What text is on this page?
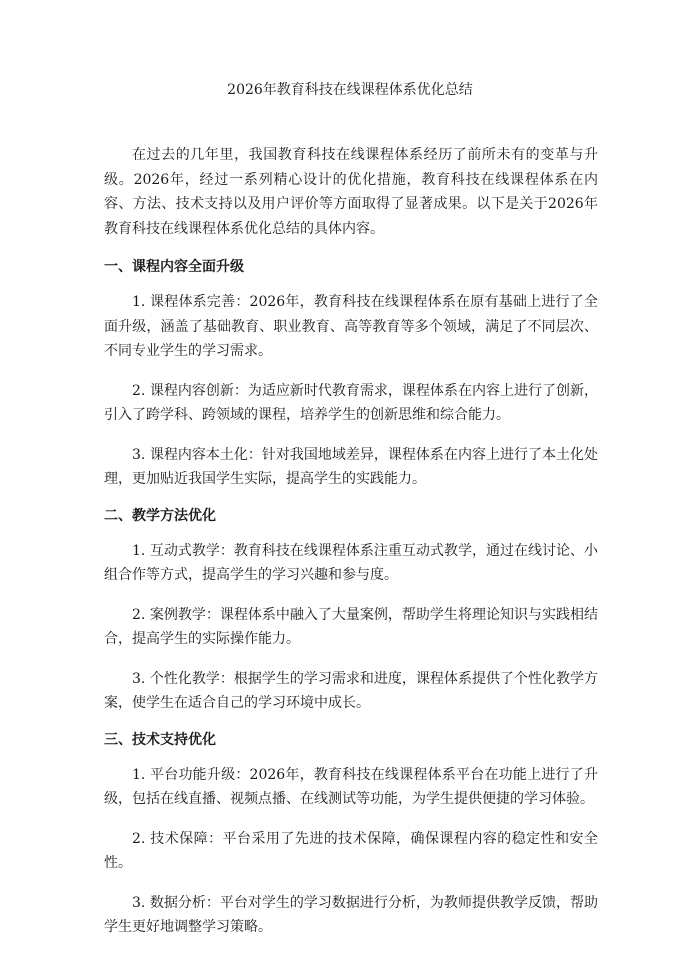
2026年教育科技在线课程体系优化总结

在过去的几年里，我国教育科技在线课程体系经历了前所未有的变革与升级。2026年，经过一系列精心设计的优化措施，教育科技在线课程体系在内容、方法、技术支持以及用户评价等方面取得了显著成果。以下是关于2026年教育科技在线课程体系优化总结的具体内容。

一、课程内容全面升级

1. 课程体系完善：2026年，教育科技在线课程体系在原有基础上进行了全面升级，涵盖了基础教育、职业教育、高等教育等多个领域，满足了不同层次、不同专业学生的学习需求。

2. 课程内容创新：为适应新时代教育需求，课程体系在内容上进行了创新，引入了跨学科、跨领域的课程，培养学生的创新思维和综合能力。

3. 课程内容本土化：针对我国地域差异，课程体系在内容上进行了本土化处理，更加贴近我国学生实际，提高学生的实践能力。

二、教学方法优化

1. 互动式教学：教育科技在线课程体系注重互动式教学，通过在线讨论、小组合作等方式，提高学生的学习兴趣和参与度。

2. 案例教学：课程体系中融入了大量案例，帮助学生将理论知识与实践相结合，提高学生的实际操作能力。

3. 个性化教学：根据学生的学习需求和进度，课程体系提供了个性化教学方案，使学生在适合自己的学习环境中成长。

三、技术支持优化

1. 平台功能升级：2026年，教育科技在线课程体系平台在功能上进行了升级，包括在线直播、视频点播、在线测试等功能，为学生提供便捷的学习体验。

2. 技术保障：平台采用了先进的技术保障，确保课程内容的稳定性和安全性。

3. 数据分析：平台对学生的学习数据进行分析，为教师提供教学反馈，帮助学生更好地调整学习策略。
